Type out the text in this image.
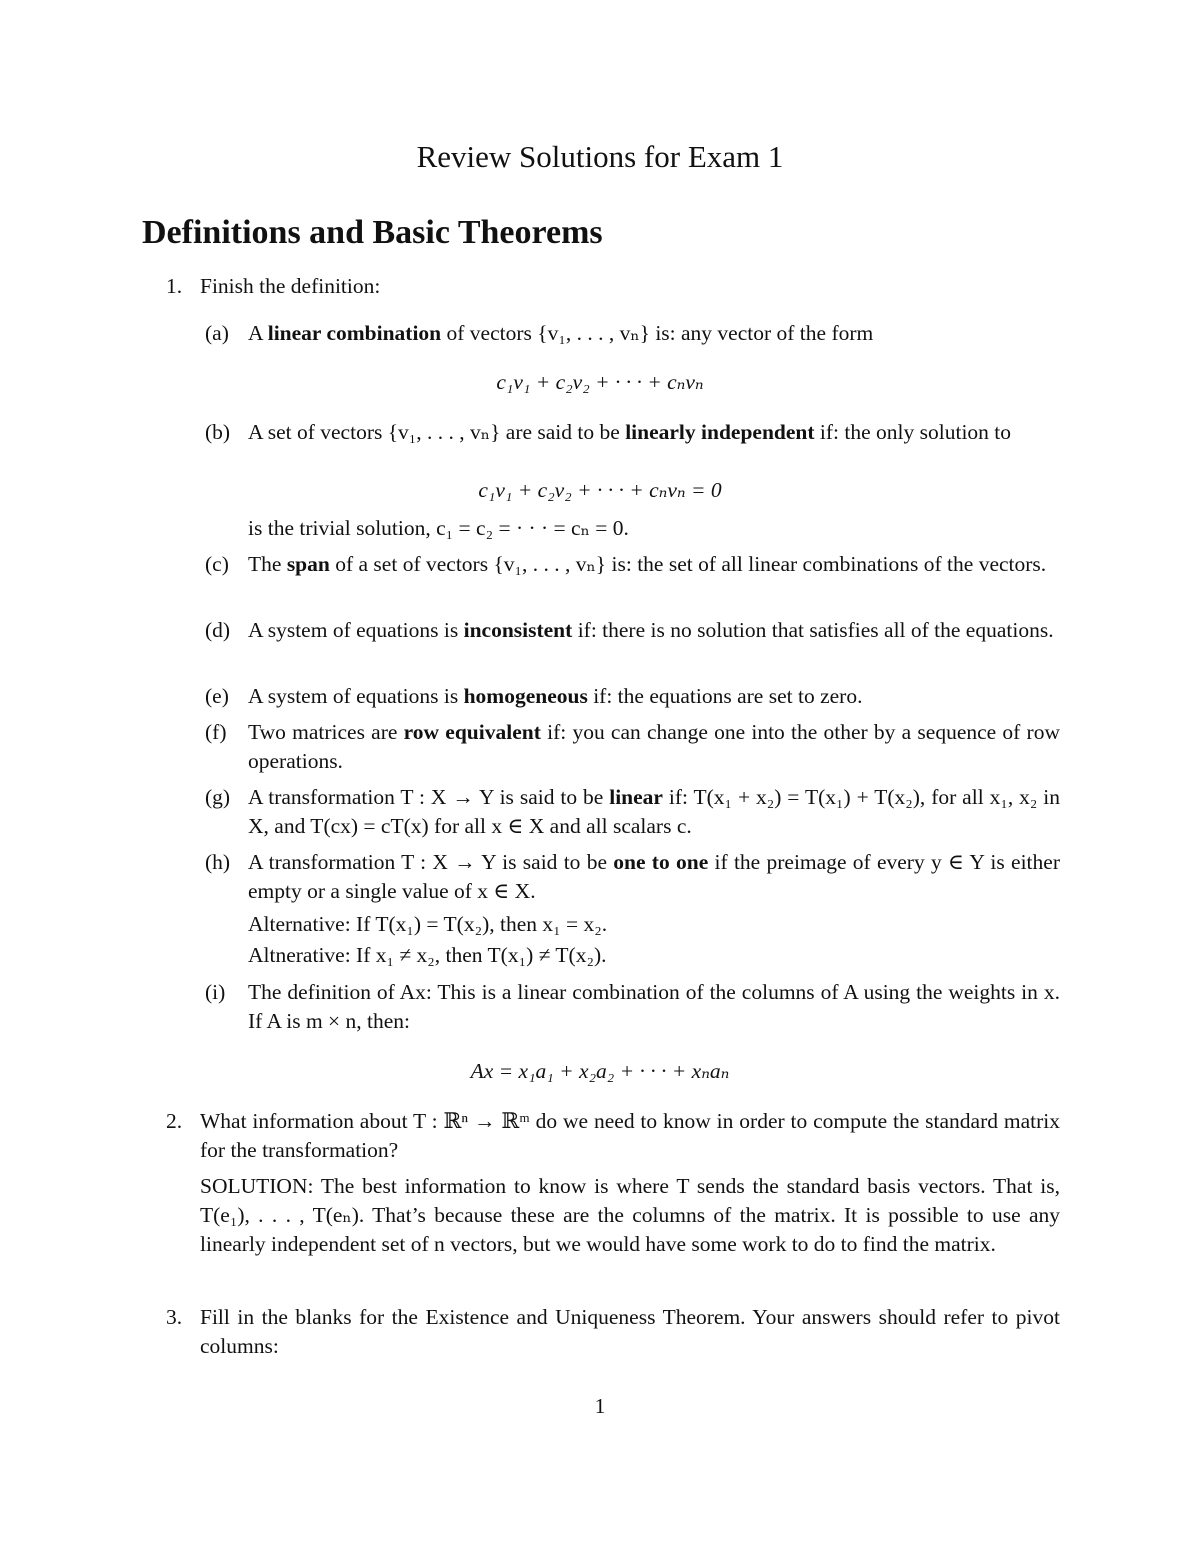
Review Solutions for Exam 1
Definitions and Basic Theorems
1. Finish the definition:
(a) A linear combination of vectors {v₁, . . . , vₙ} is: any vector of the form

c₁v₁ + c₂v₂ + · · · + cₙvₙ
(b) A set of vectors {v₁, . . . , vₙ} are said to be linearly independent if: the only solution to

c₁v₁ + c₂v₂ + · · · + cₙvₙ = 0
is the trivial solution, c₁ = c₂ = · · · = cₙ = 0.
(c) The span of a set of vectors {v₁, . . . , vₙ} is: the set of all linear combinations of the vectors.

(d) A system of equations is inconsistent if: there is no solution that satisfies all of the equations.

(e) A system of equations is homogeneous if: the equations are set to zero.

(f)	Two matrices are row equivalent if: you can change one into the other by a sequence of row operations.

(g) A transformation T : X → Y is said to be linear if: T(x₁ + x₂) = T(x₁) + T(x₂), for all x₁, x₂ in X, and T(cx) = cT(x) for all x ∈ X and all scalars c.

(h) A transformation T : X → Y is said to be one to one if the preimage of every y ∈ Y is either empty or a single value of x ∈ X.

Alternative: If T(x₁) = T(x₂), then x₁ = x₂.
Altnerative: If x₁ ≠ x₂, then T(x₁) ≠ T(x₂).
(i)	The definition of Ax: This is a linear combination of the columns of A using the weights in x. If A is m × n, then:

Ax = x₁a₁ + x₂a₂ + · · · + xₙaₙ
2. What information about T : ℝⁿ → ℝᵐ do we need to know in order to compute the standard matrix for the transformation?

SOLUTION: The best information to know is where T sends the standard basis vectors. That is, T(e₁), . . . , T(eₙ). That’s because these are the columns of the matrix. It is possible to use any linearly independent set of n vectors, but we would have some work to do to find the matrix.

3. Fill in the blanks for the Existence and Uniqueness Theorem. Your answers should refer to pivot columns:

1
